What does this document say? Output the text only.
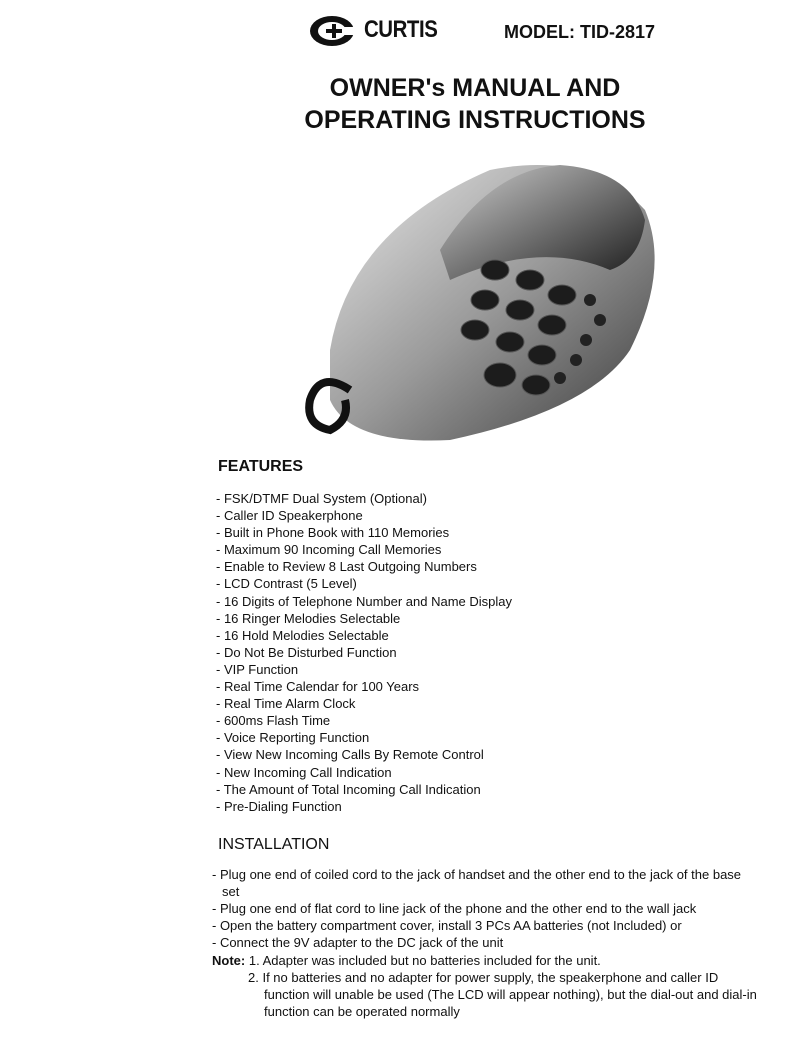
CURTIS	MODEL: TID-2817
OWNER's MANUAL AND
OPERATING INSTRUCTIONS
FEATURES
- FSK/DTMF Dual System (Optional)
- Caller ID Speakerphone
- Built in Phone Book with 110 Memories
- Maximum 90 Incoming Call Memories
- Enable to Review 8 Last Outgoing Numbers
- LCD Contrast (5 Level)
- 16 Digits of Telephone Number and Name Display
- 16 Ringer Melodies Selectable
- 16 Hold Melodies Selectable
- Do Not Be Disturbed Function
- VIP Function
- Real Time Calendar for 100 Years
- Real Time Alarm Clock
- 600ms Flash Time
- Voice Reporting Function
- View New Incoming Calls By Remote Control
- New Incoming Call Indication
- The Amount of Total Incoming Call Indication
- Pre-Dialing Function
INSTALLATION
- Plug one end of coiled cord to the jack of handset and the other end to the jack of the base set
- Plug one end of flat cord to line jack of the phone and the other end to the wall jack
- Open the battery compartment cover, install 3 PCs AA batteries (not Included) or
- Connect the 9V adapter to the DC jack of the unit
Note: 1. Adapter was included but no batteries included for the unit.
2. If no batteries and no adapter for power supply, the speakerphone and caller ID function will unable be used (The LCD will appear nothing), but the dial-out and dial-in function can be operated normally
